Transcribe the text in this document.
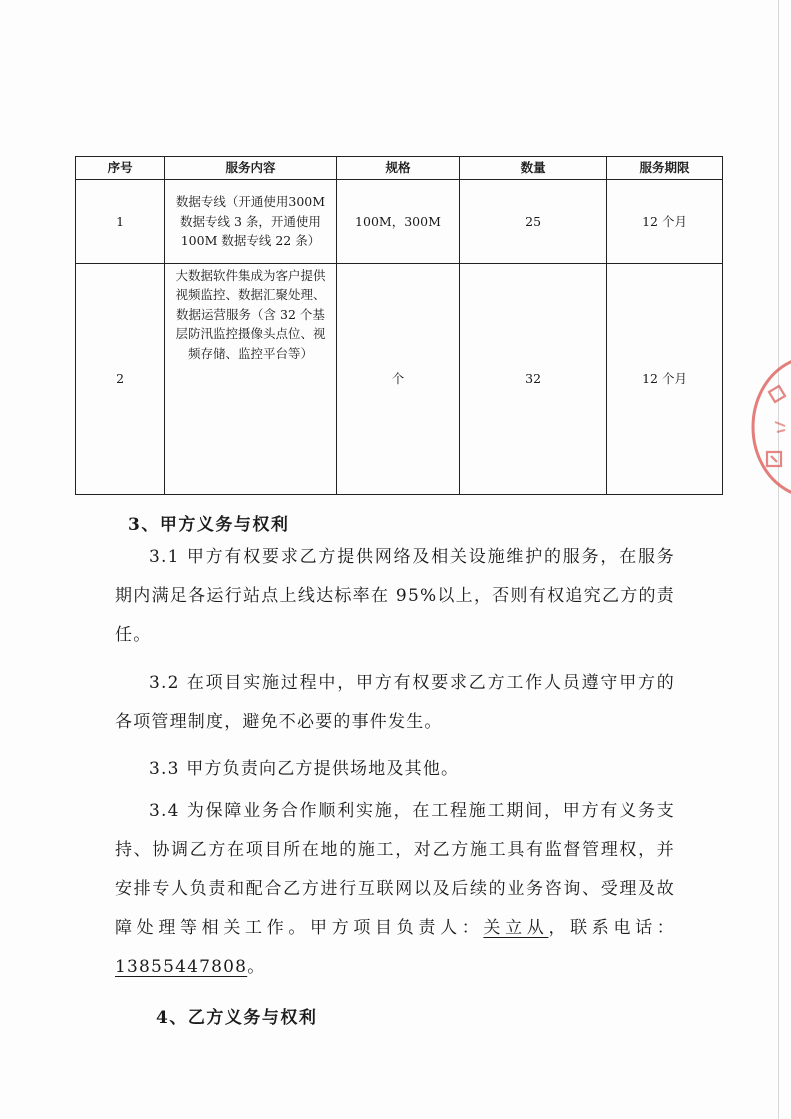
序号	服务内容	规格	数量	服务期限
1	数据专线（开通使用300M 数据专线 3 条，开通使用 100M 数据专线 22 条）	100M，300M	25	12 个月
2	大数据软件集成为客户提供视频监控、数据汇聚处理、数据运营服务（含 32 个基层防汛监控摄像头点位、视频存储、监控平台等）	个	32	12 个月
3、甲方义务与权利
3.1 甲方有权要求乙方提供网络及相关设施维护的服务，在服务期内满足各运行站点上线达标率在 95%以上，否则有权追究乙方的责任。
3.2 在项目实施过程中，甲方有权要求乙方工作人员遵守甲方的各项管理制度，避免不必要的事件发生。
3.3 甲方负责向乙方提供场地及其他。
3.4 为保障业务合作顺利实施，在工程施工期间，甲方有义务支持、协调乙方在项目所在地的施工，对乙方施工具有监督管理权，并安排专人负责和配合乙方进行互联网以及后续的业务咨询、受理及故障处理等相关工作。甲方项目负责人：关立从，联系电话：13855447808。
4、乙方义务与权利
